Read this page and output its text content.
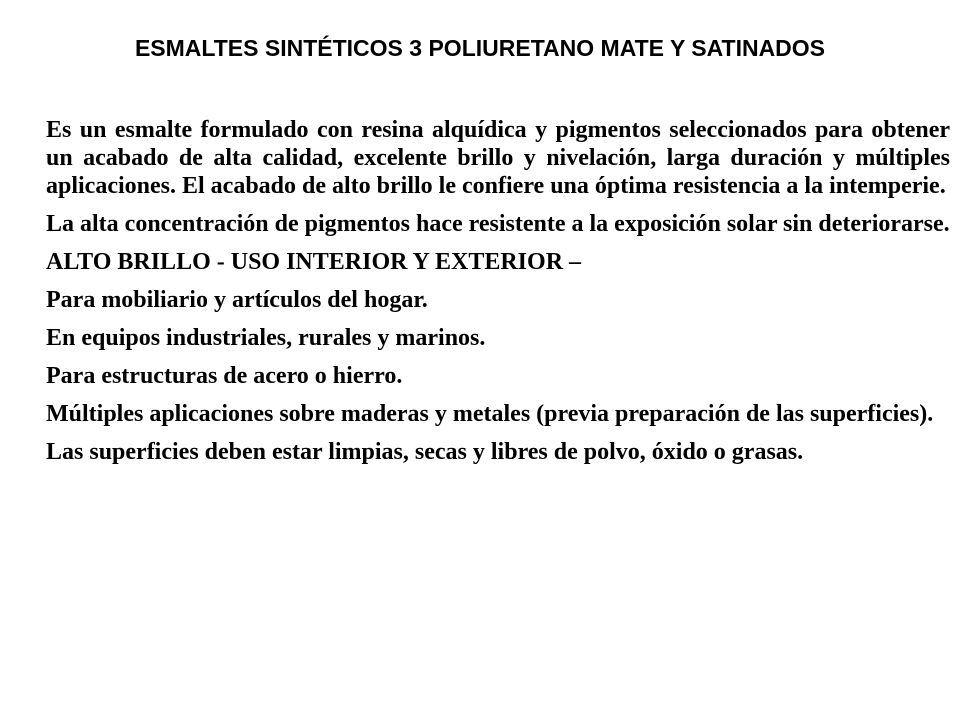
ESMALTES SINTÉTICOS 3 POLIURETANO MATE Y SATINADOS

Es un esmalte formulado con resina alquídica y pigmentos seleccionados para obtener un acabado de alta calidad, excelente brillo y nivelación, larga duración y múltiples aplicaciones. El acabado de alto brillo le confiere una óptima resistencia a la intemperie.

La alta concentración de pigmentos hace resistente a la exposición solar sin deteriorarse.

ALTO BRILLO - USO INTERIOR Y EXTERIOR –

Para mobiliario y artículos del hogar.

En equipos industriales, rurales y marinos.

Para estructuras de acero o hierro.

Múltiples aplicaciones sobre maderas y metales (previa preparación de las superficies).

Las superficies deben estar limpias, secas y libres de polvo, óxido o grasas.
